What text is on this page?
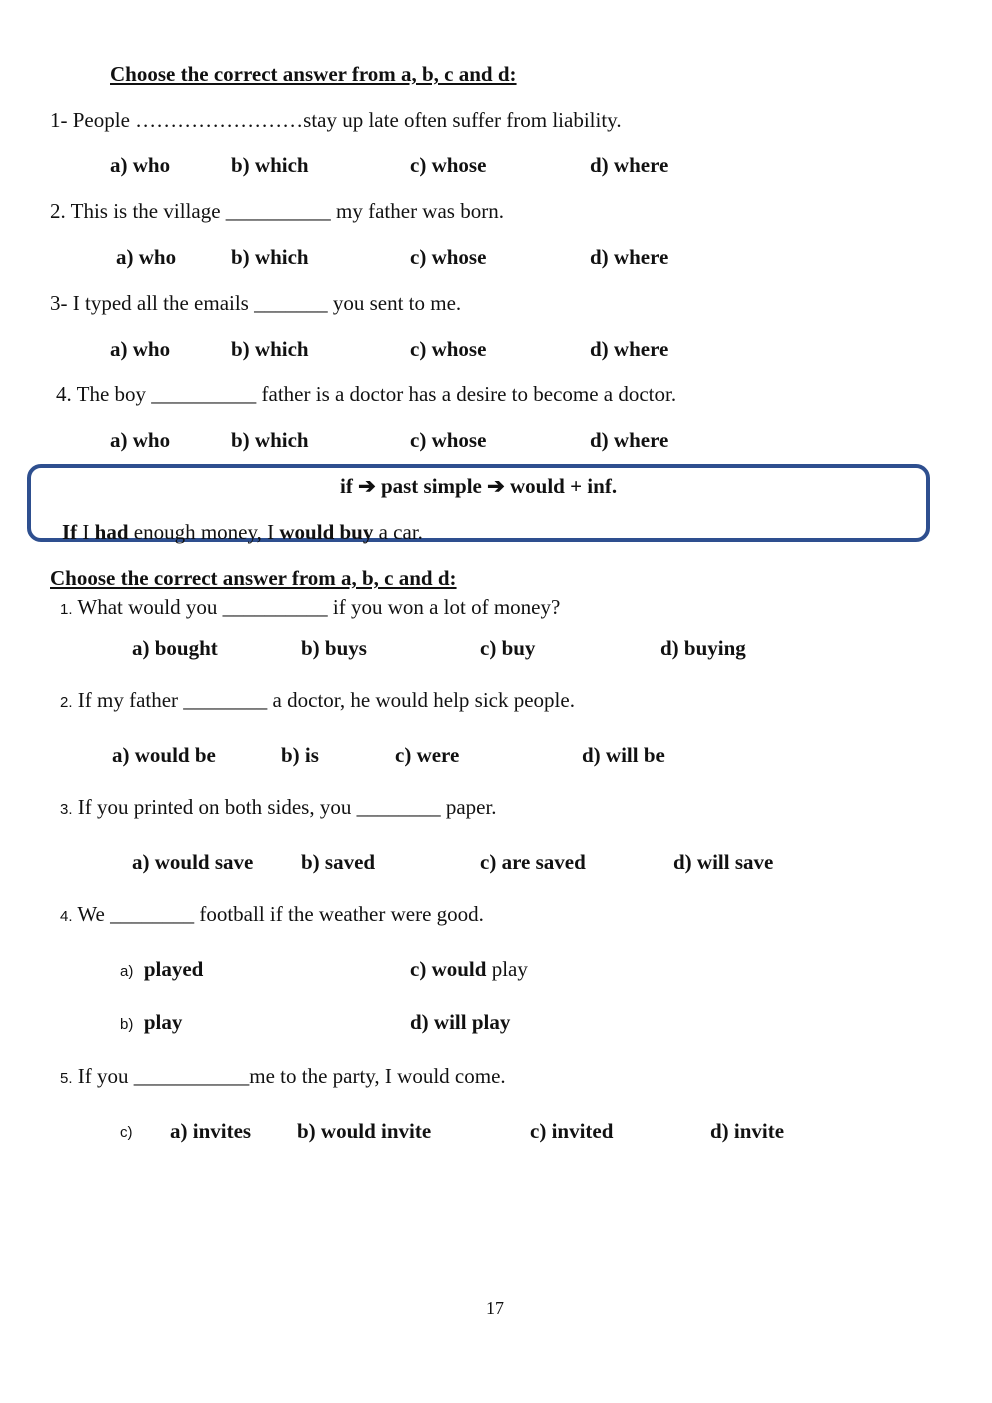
Choose the correct answer from a, b, c and d:
1- People ……………………stay up late often suffer from liability.
a) who	b) which	c) whose	d) where
2. This is the village __________ my father was born.
a) who	b) which	c) whose	d) where
3- I typed all the emails _______ you sent to me.
a) who	b) which	c) whose	d) where
4. The boy __________ father is a doctor has a desire to become a doctor.
a) who	b) which	c) whose	d) where
if ➔ past simple ➔ would + inf.
If I had enough money, I would buy a car.
Choose the correct answer from a, b, c and d:
1. What would you __________ if you won a lot of money?
a) bought	b) buys	c) buy	d) buying
2. If my father ________ a doctor, he would help sick people.
a) would be	b) is	c) were	d) will be
3. If you printed on both sides, you ________ paper.
a) would save b) saved	c) are saved	d) will save
4. We ________ football if the weather were good.
a) played	c) would play
b) play	d) will play
5. If you ___________me to the party, I would come.
c) a) invites b) would invite	c) invited	d) invite
17
